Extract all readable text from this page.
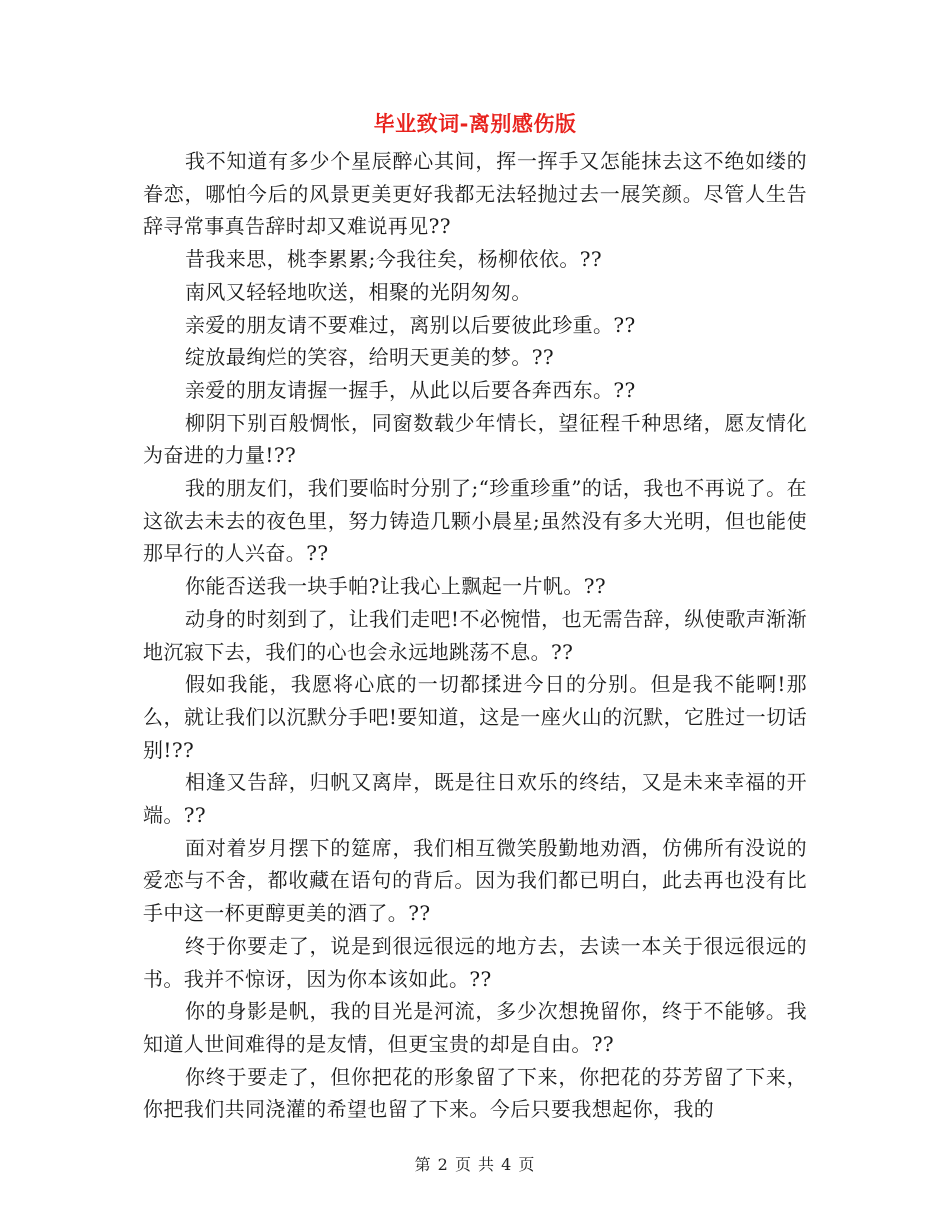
毕业致词-离别感伤版

我不知道有多少个星辰醉心其间，挥一挥手又怎能抹去这不绝如缕的眷恋，哪怕今后的风景更美更好我都无法轻抛过去一展笑颜。尽管人生告辞寻常事真告辞时却又难说再见??

昔我来思，桃李累累;今我往矣，杨柳依依。??

南风又轻轻地吹送，相聚的光阴匆匆。

亲爱的朋友请不要难过，离别以后要彼此珍重。??

绽放最绚烂的笑容，给明天更美的梦。??

亲爱的朋友请握一握手，从此以后要各奔西东。??

柳阴下别百般惆怅，同窗数载少年情长，望征程千种思绪，愿友情化为奋进的力量!??

我的朋友们，我们要临时分别了;“珍重珍重”的话，我也不再说了。在这欲去未去的夜色里，努力铸造几颗小晨星;虽然没有多大光明，但也能使那早行的人兴奋。??

你能否送我一块手帕?让我心上飘起一片帆。??

动身的时刻到了，让我们走吧!不必惋惜，也无需告辞，纵使歌声渐渐地沉寂下去，我们的心也会永远地跳荡不息。??

假如我能，我愿将心底的一切都揉进今日的分别。但是我不能啊!那么，就让我们以沉默分手吧!要知道，这是一座火山的沉默，它胜过一切话别!??

相逢又告辞，归帆又离岸，既是往日欢乐的终结，又是未来幸福的开端。??

面对着岁月摆下的筵席，我们相互微笑殷勤地劝酒，仿佛所有没说的爱恋与不舍，都收藏在语句的背后。因为我们都已明白，此去再也没有比手中这一杯更醇更美的酒了。??

终于你要走了，说是到很远很远的地方去，去读一本关于很远很远的书。我并不惊讶，因为你本该如此。??

你的身影是帆，我的目光是河流，多少次想挽留你，终于不能够。我知道人世间难得的是友情，但更宝贵的却是自由。??

你终于要走了，但你把花的形象留了下来，你把花的芬芳留了下来，你把我们共同浇灌的希望也留了下来。今后只要我想起你，我的

第 2 页 共 4 页
